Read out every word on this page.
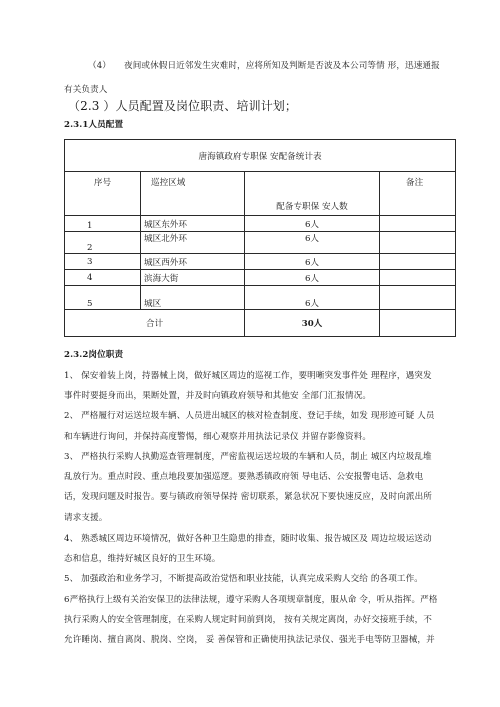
（4） 夜间或休假日近邻发生灾难时，应将所知及判断是否波及本公司等情 形，迅速通报
有关负责人
（2.3 ）人员配置及岗位职责、培训计划；
2.3.1人员配置
唐海镇政府专职保 安配备统计表			
序号	巡控区域	配备专职保 安人数	备注
1	城区东外环	6人	
2	城区北外环	6人	
3	城区西外环	6人	
4	滨海大街	6人	
5	城区	6人	
合计		30人	
2.3.2岗位职责
1、 保安着装上岗，持器械上岗，做好城区周边的巡视工作，要明晰突发事件处 理程序，遇突发
事件时要挺身而出，果断处置，并及时向镇政府领导和其他安 全部门汇报情况。
2、 严格履行对运送垃圾车辆、人员进出城区的核对检查制度、登记手续，如发 现形迹可疑 人员
和车辆进行询问，并保持高度警惕，细心观察并用执法记录仪 并留存影像资料。
3、 严格执行采购人执勤巡查管理制度，严密监视运送垃圾的车辆和人员，制止 城区内垃圾乱堆
乱放行为。重点时段、重点地段要加强巡逻。要熟悉镇政府领 导电话、公安报警电话、急救电
话，发现问题及时报告。要与镇政府领导保持 密切联系，紧急状况下要快速反应，及时向派出所
请求支援。
4、 熟悉城区周边环境情况，做好各种卫生隐患的排查，随时收集、报告城区及 周边垃圾运送动
态和信息，维持好城区良好的卫生环境。
5、 加强政治和业务学习，不断提高政治觉悟和职业技能，认真完成采购人交给 的各项工作。
6严格执行上级有关治安保卫的法律法规，遵守采购人各项规章制度，服从命 令，听从指挥。严格
执行采购人的安全管理制度，在采购人规定时间前到岗， 按有关规定离岗，办好交接班手续，不
允许睡岗、擅自离岗、脱岗、空岗， 妥 善保管和正确使用执法记录仪、强光手电等防卫器械，并
